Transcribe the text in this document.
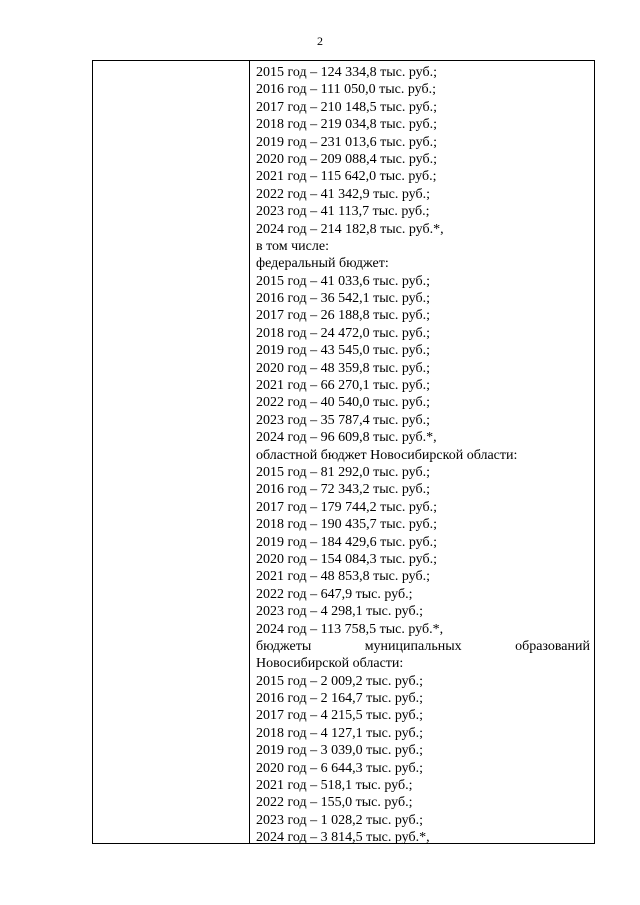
2
2015 год – 124 334,8 тыс. руб.;
2016 год – 111 050,0 тыс. руб.;
2017 год – 210 148,5 тыс. руб.;
2018 год – 219 034,8 тыс. руб.;
2019 год – 231 013,6 тыс. руб.;
2020 год – 209 088,4 тыс. руб.;
2021 год – 115 642,0 тыс. руб.;
2022 год – 41 342,9 тыс. руб.;
2023 год – 41 113,7 тыс. руб.;
2024 год – 214 182,8 тыс. руб.*,
в том числе:
федеральный бюджет:
2015 год – 41 033,6 тыс. руб.;
2016 год – 36 542,1 тыс. руб.;
2017 год – 26 188,8 тыс. руб.;
2018 год – 24 472,0 тыс. руб.;
2019 год – 43 545,0 тыс. руб.;
2020 год – 48 359,8 тыс. руб.;
2021 год – 66 270,1 тыс. руб.;
2022 год – 40 540,0 тыс. руб.;
2023 год – 35 787,4 тыс. руб.;
2024 год – 96 609,8 тыс. руб.*,
областной бюджет Новосибирской области:
2015 год – 81 292,0 тыс. руб.;
2016 год – 72 343,2 тыс. руб.;
2017 год – 179 744,2 тыс. руб.;
2018 год – 190 435,7 тыс. руб.;
2019 год – 184 429,6 тыс. руб.;
2020 год – 154 084,3 тыс. руб.;
2021 год – 48 853,8 тыс. руб.;
2022 год – 647,9 тыс. руб.;
2023 год – 4 298,1 тыс. руб.;
2024 год – 113 758,5 тыс. руб.*,
бюджеты	муниципальных	образований
Новосибирской области:
2015 год – 2 009,2 тыс. руб.;
2016 год – 2 164,7 тыс. руб.;
2017 год – 4 215,5 тыс. руб.;
2018 год – 4 127,1 тыс. руб.;
2019 год – 3 039,0 тыс. руб.;
2020 год – 6 644,3 тыс. руб.;
2021 год – 518,1 тыс. руб.;
2022 год – 155,0 тыс. руб.;
2023 год – 1 028,2 тыс. руб.;
2024 год – 3 814,5 тыс. руб.*,
